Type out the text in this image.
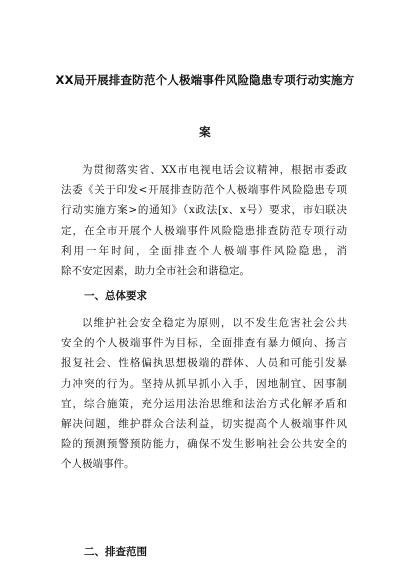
XX局开展排查防范个人极端事件风险隐患专项行动实施方
案
为贯彻落实省、XX市电视电话会议精神，根据市委政
法委《关于印发<开展排查防范个人极端事件风险隐患专项
行动实施方案>的通知》（x政法[x、x号）要求，市妇联决
定，在全市开展个人极端事件风险隐患排查防范专项行动
利用一年时间，全面排查个人极端事件风险隐患，消
除不安定因素，助力全市社会和谐稳定。
一、总体要求
以维护社会安全稳定为原则，以不发生危害社会公共
安全的个人极端事件为目标，全面排查有暴力倾向、扬言
报复社会、性格偏执思想极端的群体、人员和可能引发暴
力冲突的行为。坚持从抓早抓小入手，因地制宜、因事制
宜，综合施策，充分运用法治思维和法治方式化解矛盾和
解决问题，维护群众合法利益，切实提高个人极端事件风
险的预测预警预防能力，确保不发生影响社会公共安全的
个人极端事件。
二、排查范围
